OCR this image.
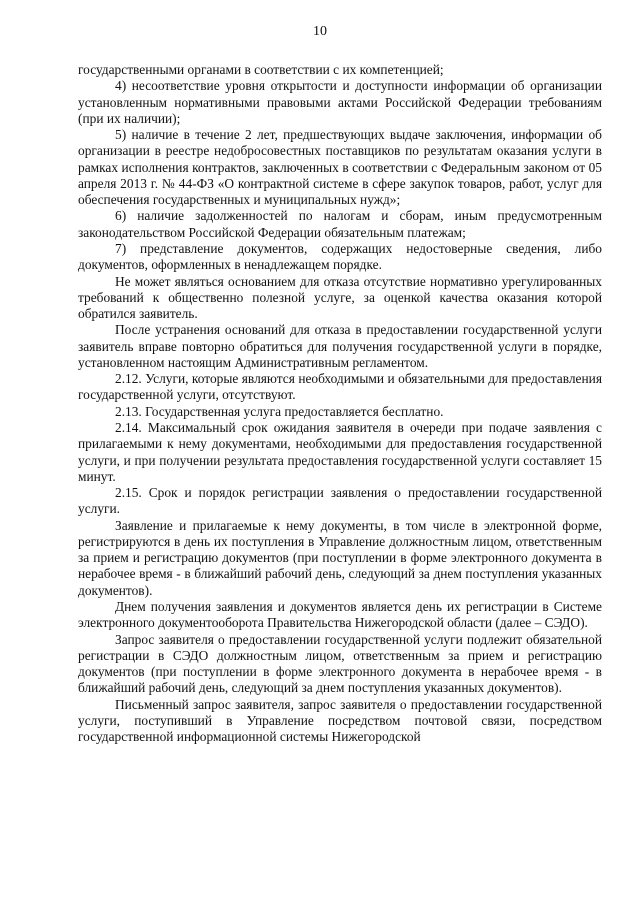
10

государственными органами в соответствии с их компетенцией;

4) несоответствие уровня открытости и доступности информации об организации установленным нормативными правовыми актами Российской Федерации требованиям (при их наличии);

5) наличие в течение 2 лет, предшествующих выдаче заключения, информации об организации в реестре недобросовестных поставщиков по результатам оказания услуги в рамках исполнения контрактов, заключенных в соответствии с Федеральным законом от 05 апреля 2013 г. № 44-ФЗ «О контрактной системе в сфере закупок товаров, работ, услуг для обеспечения государственных и муниципальных нужд»;

6) наличие задолженностей по налогам и сборам, иным предусмотренным законодательством Российской Федерации обязательным платежам;

7) представление документов, содержащих недостоверные сведения, либо документов, оформленных в ненадлежащем порядке.

Не может являться основанием для отказа отсутствие нормативно урегулированных требований к общественно полезной услуге, за оценкой качества оказания которой обратился заявитель.

После устранения оснований для отказа в предоставлении государственной услуги заявитель вправе повторно обратиться для получения государственной услуги в порядке, установленном настоящим Административным регламентом.

2.12. Услуги, которые являются необходимыми и обязательными для предоставления государственной услуги, отсутствуют.

2.13. Государственная услуга предоставляется бесплатно.

2.14. Максимальный срок ожидания заявителя в очереди при подаче заявления с прилагаемыми к нему документами, необходимыми для предоставления государственной услуги, и при получении результата предоставления государственной услуги составляет 15 минут.

2.15. Срок и порядок регистрации заявления о предоставлении государственной услуги.

Заявление и прилагаемые к нему документы, в том числе в электронной форме, регистрируются в день их поступления в Управление должностным лицом, ответственным за прием и регистрацию документов (при поступлении в форме электронного документа в нерабочее время - в ближайший рабочий день, следующий за днем поступления указанных документов).

Днем получения заявления и документов является день их регистрации в Системе электронного документооборота Правительства Нижегородской области (далее – СЭДО).

Запрос заявителя о предоставлении государственной услуги подлежит обязательной регистрации в СЭДО должностным лицом, ответственным за прием и регистрацию документов (при поступлении в форме электронного документа в нерабочее время - в ближайший рабочий день, следующий за днем поступления указанных документов).

Письменный запрос заявителя, запрос заявителя о предоставлении государственной услуги, поступивший в Управление посредством почтовой связи, посредством государственной информационной системы Нижегородской
